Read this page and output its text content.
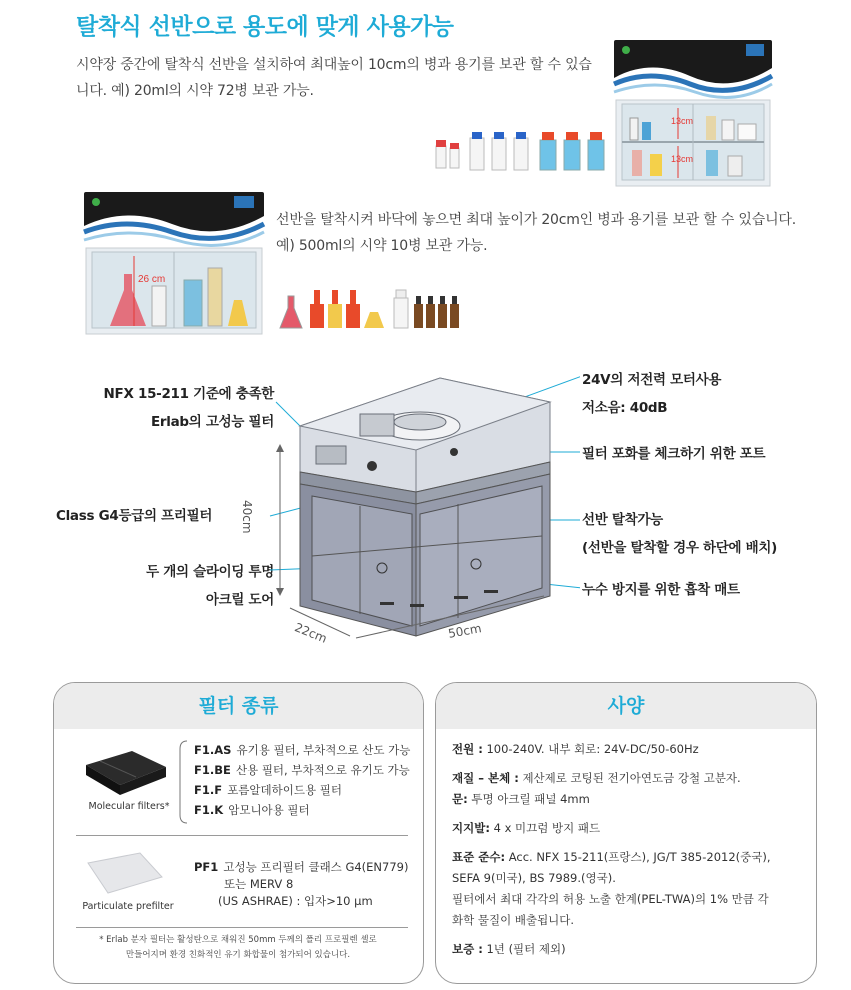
탈착식 선반으로 용도에 맞게 사용가능
시약장 중간에 탈착식 선반을 설치하여 최대높이 10cm의 병과 용기를 보관 할 수 있습니다. 예) 20ml의 시약 72병 보관 가능.
13cm
13cm
26 cm
선반을 탈착시켜 바닥에 놓으면 최대 높이가 20cm인 병과 용기를 보관 할 수 있습니다. 예) 500ml의 시약 10병 보관 가능.
NFX 15-211 기준에 충족한
Erlab의 고성능 필터
Class G4등급의 프리필터
두 개의 슬라이딩 투명
아크릴 도어
24V의 저전력 모터사용
저소음: 40dB
필터 포화를 체크하기 위한 포트
선반 탈착가능
(선반을 탈착할 경우 하단에 배치)
누수 방지를 위한 흡착 매트
40cm
22cm	50cm
필터 종류
Molecular filters*
F1.AS 유기용 필터, 부차적으로 산도 가능
F1.BE 산용 필터, 부차적으로 유기도 가능
F1.F 포름알데하이드용 필터
F1.K 암모니아용 필터
Particulate prefilter
PF1 고성능 프리필터 클래스 G4(EN779)
또는 MERV 8
(US ASHRAE) : 입자>10 μm
* Erlab 분자 필터는 활성탄으로 채워진 50mm 두께의 폴리 프로필렌 셸로
만들어지며 환경 친화적인 유기 화합물이 첨가되어 있습니다.
사양
전원 : 100-240V. 내부 회로: 24V-DC/50-60Hz
재질 – 본체 : 제산제로 코팅된 전기아연도금 강철 고분자.
문: 투명 아크릴 패널 4mm
지지발: 4 x 미끄럼 방지 패드
표준 준수: Acc. NFX 15-211(프랑스), JG/T 385-2012(중국),
SEFA 9(미국), BS 7989.(영국).
필터에서 최대 각각의 허용 노출 한계(PEL-TWA)의 1% 만큼 각
화학 물질이 배출됩니다.
보증 : 1년 (필터 제외)
